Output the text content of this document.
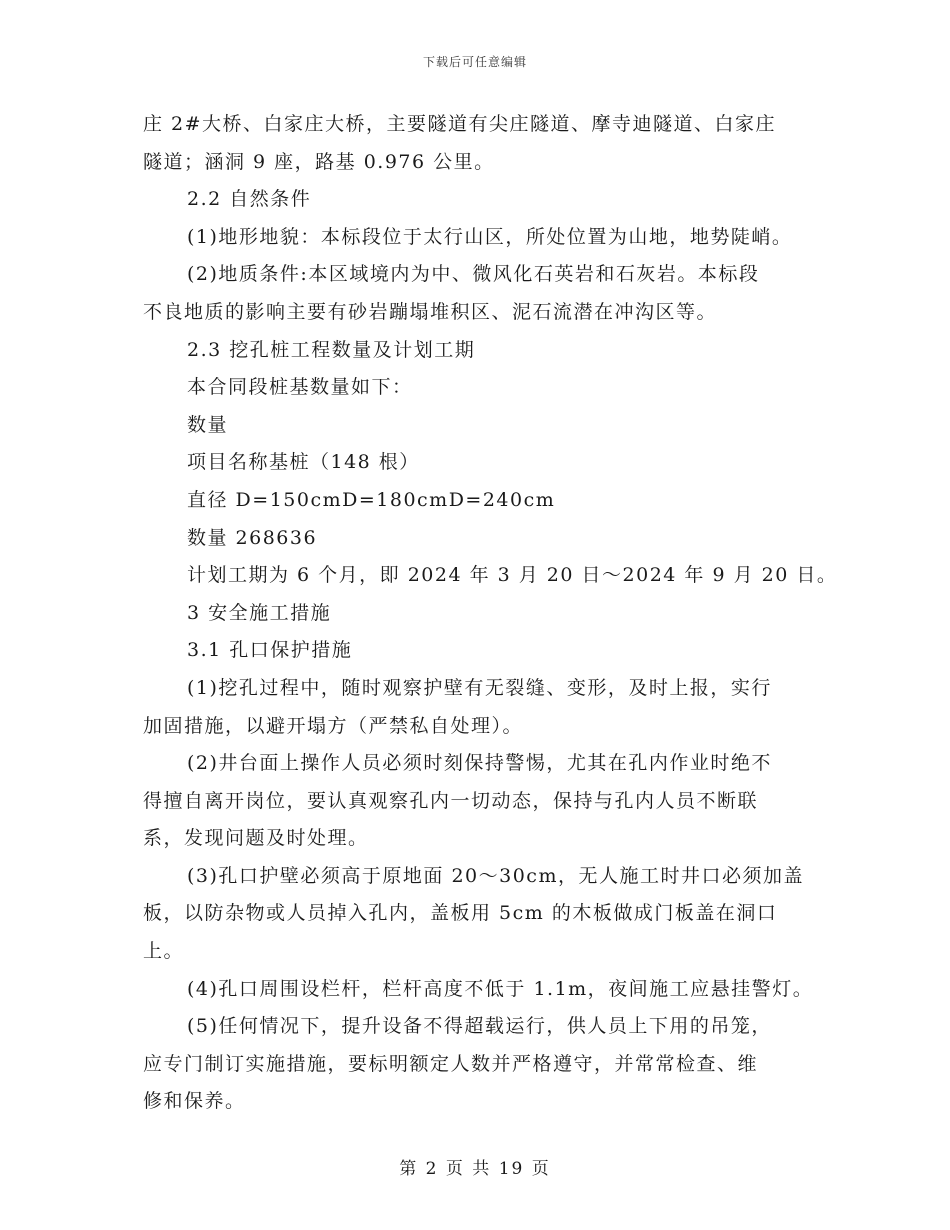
下载后可任意编辑
庄 2#大桥、白家庄大桥，主要隧道有尖庄隧道、摩寺迪隧道、白家庄
隧道；涵洞 9 座，路基 0.976 公里。
2.2 自然条件
(1)地形地貌：本标段位于太行山区，所处位置为山地，地势陡峭。
(2)地质条件:本区域境内为中、微风化石英岩和石灰岩。本标段
不良地质的影响主要有砂岩蹦塌堆积区、泥石流潜在冲沟区等。
2.3 挖孔桩工程数量及计划工期
本合同段桩基数量如下：
数量
项目名称基桩（148 根）
直径 D=150cmD=180cmD=240cm
数量 268636
计划工期为 6 个月，即 2024 年 3 月 20 日～2024 年 9 月 20 日。
3 安全施工措施
3.1 孔口保护措施
(1)挖孔过程中，随时观察护壁有无裂缝、变形，及时上报，实行
加固措施，以避开塌方（严禁私自处理）。
(2)井台面上操作人员必须时刻保持警惕，尤其在孔内作业时绝不
得擅自离开岗位，要认真观察孔内一切动态，保持与孔内人员不断联
系，发现问题及时处理。
(3)孔口护壁必须高于原地面 20～30cm，无人施工时井口必须加盖
板，以防杂物或人员掉入孔内，盖板用 5cm 的木板做成门板盖在洞口
上。
(4)孔口周围设栏杆，栏杆高度不低于 1.1m，夜间施工应悬挂警灯。
(5)任何情况下，提升设备不得超载运行，供人员上下用的吊笼，
应专门制订实施措施，要标明额定人数并严格遵守，并常常检查、维
修和保养。
第 2 页 共 19 页
